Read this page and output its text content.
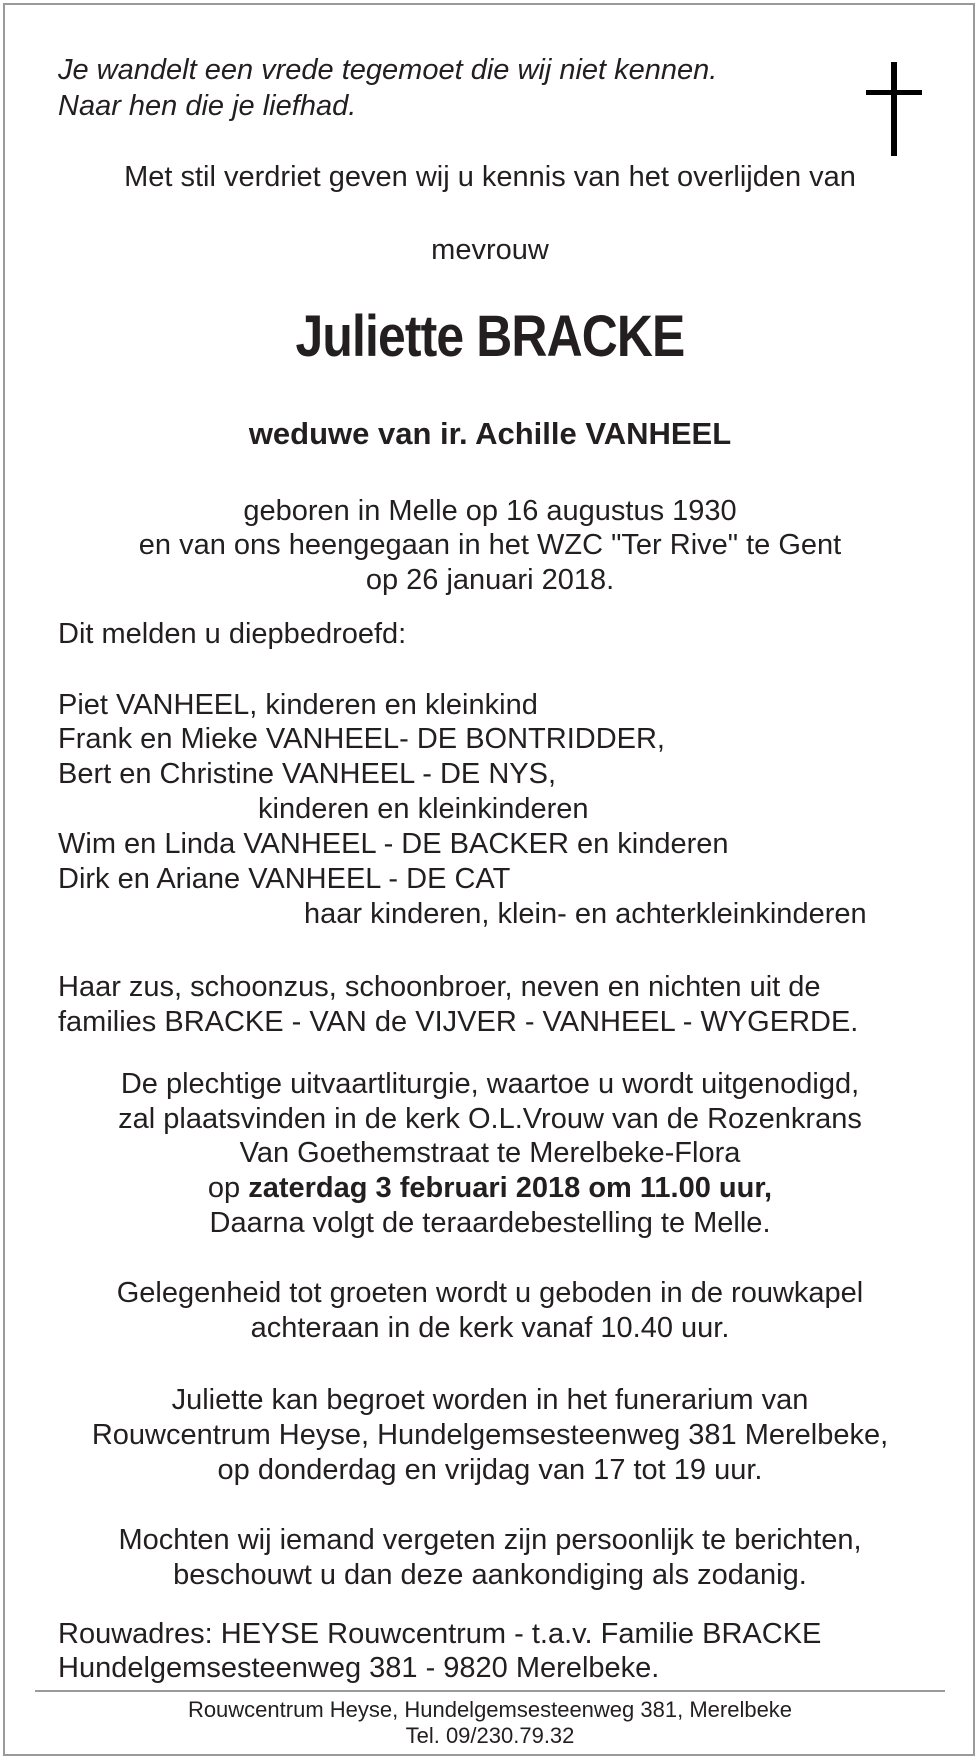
Je wandelt een vrede tegemoet die wij niet kennen.
Naar hen die je liefhad.
Met stil verdriet geven wij u kennis van het overlijden van
mevrouw
Juliette BRACKE
weduwe van ir. Achille VANHEEL
geboren in Melle op 16 augustus 1930
en van ons heengegaan in het WZC "Ter Rive" te Gent
op 26 januari 2018.
Dit melden u diepbedroefd:
Piet VANHEEL, kinderen en kleinkind
Frank en Mieke VANHEEL- DE BONTRIDDER,
Bert en Christine VANHEEL - DE NYS,
kinderen en kleinkinderen
Wim en Linda VANHEEL - DE BACKER en kinderen
Dirk en Ariane VANHEEL - DE CAT
haar kinderen, klein- en achterkleinkinderen
Haar zus, schoonzus, schoonbroer, neven en nichten uit de
families BRACKE - VAN de VIJVER - VANHEEL - WYGERDE.
De plechtige uitvaartliturgie, waartoe u wordt uitgenodigd,
zal plaatsvinden in de kerk O.L.Vrouw van de Rozenkrans
Van Goethemstraat te Merelbeke-Flora
op zaterdag 3 februari 2018 om 11.00 uur,
Daarna volgt de teraardebestelling te Melle.
Gelegenheid tot groeten wordt u geboden in de rouwkapel
achteraan in de kerk vanaf 10.40 uur.
Juliette kan begroet worden in het funerarium van
Rouwcentrum Heyse, Hundelgemsesteenweg 381 Merelbeke,
op donderdag en vrijdag van 17 tot 19 uur.
Mochten wij iemand vergeten zijn persoonlijk te berichten,
beschouwt u dan deze aankondiging als zodanig.
Rouwadres: HEYSE Rouwcentrum - t.a.v. Familie BRACKE
Hundelgemsesteenweg 381 - 9820 Merelbeke.
Rouwcentrum Heyse, Hundelgemsesteenweg 381, Merelbeke
Tel. 09/230.79.32
